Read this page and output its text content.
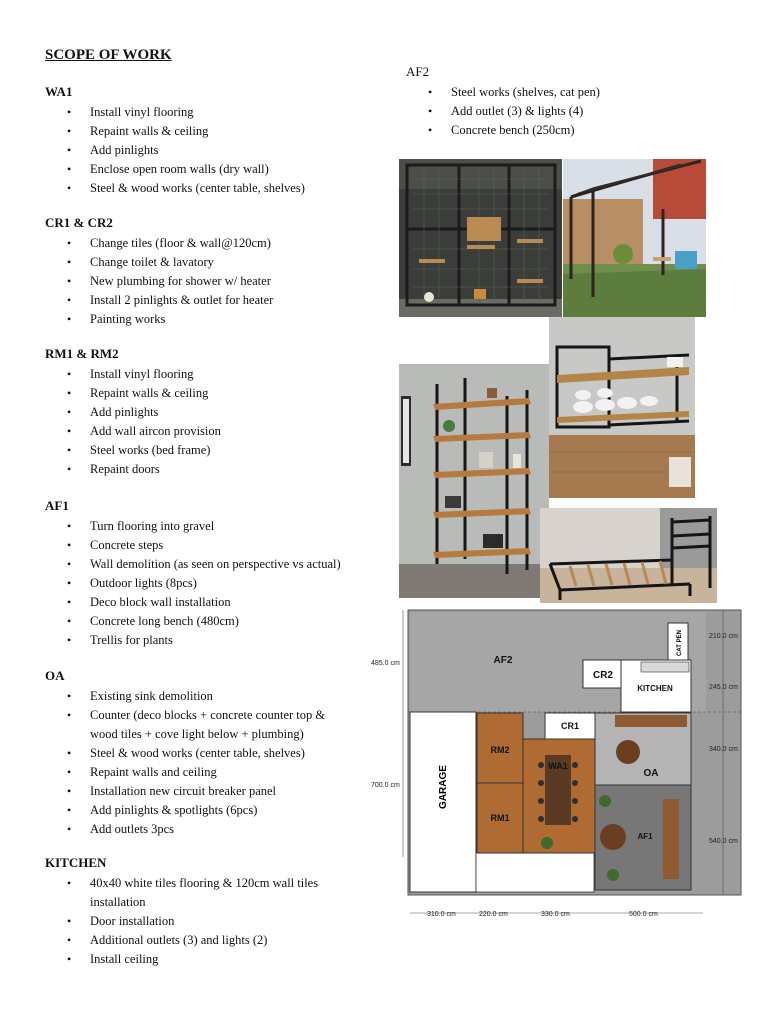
SCOPE OF WORK
WA1
• Install vinyl flooring
• Repaint walls & ceiling
• Add pinlights
• Enclose open room walls (dry wall)
• Steel & wood works (center table, shelves)
CR1 & CR2
• Change tiles (floor & wall@120cm)
• Change toilet & lavatory
• New plumbing for shower w/ heater
• Install 2 pinlights & outlet for heater
• Painting works
RM1 & RM2
• Install vinyl flooring
• Repaint walls & ceiling
• Add pinlights
• Add wall aircon provision
• Steel works (bed frame)
• Repaint doors
AF1
• Turn flooring into gravel
• Concrete steps
• Wall demolition (as seen on perspective vs actual)
• Outdoor lights (8pcs)
• Deco block wall installation
• Concrete long bench (480cm)
• Trellis for plants
OA
• Existing sink demolition
• Counter (deco blocks + concrete counter top &
wood tiles + cove light below + plumbing)
• Steel & wood works (center table, shelves)
• Repaint walls and ceiling
• Installation new circuit breaker panel
• Add pinlights & spotlights (6pcs)
• Add outlets 3pcs
KITCHEN
• 40x40 white tiles flooring & 120cm wall tiles
installation
• Door installation
• Additional outlets (3) and lights (2)
• Install ceiling
AF2
• Steel works (shelves, cat pen)
• Add outlet (3) & lights (4)
• Concrete bench (250cm)
AF2
CR2
KITCHEN
CR1
RM2
RM1
WA1
OA
AF1
GARAGE
CAT PEN
485.0 cm
700.0 cm
210.0 cm
245.0 cm
340.0 cm
540.0 cm
310.0 cm	220.0 cm	330.0 cm	500.0 cm
